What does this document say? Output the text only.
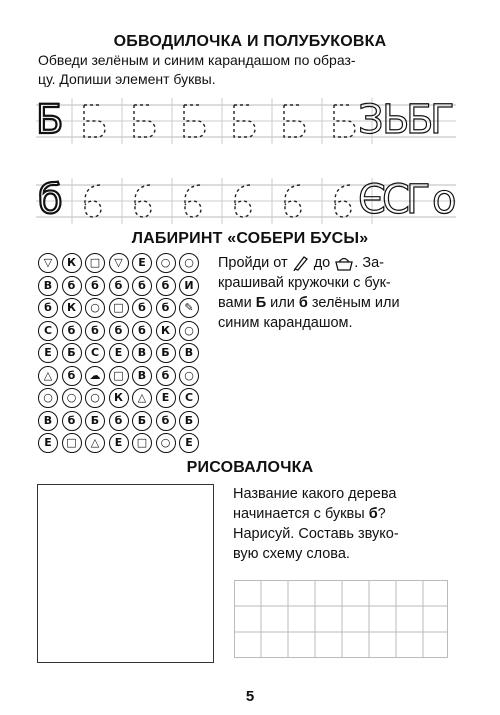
ОБВОДИЛОЧКА И ПОЛУБУКОВКА
Обведи зелёным и синим карандашом по образ-
цу. Допиши элемент буквы.
Б	З
Ь
Б
Г
б	Є
С
Г о
ЛАБИРИНТ «СОБЕРИ БУСЫ»
▽	К	□	▽	Е	○	○
В	б	б	б	б	б	И
б	К	○	□	б	б	✎
С	б	б	б	б	К	○
Е	Б	С	Е	В	Б	В
△	б	☁	□	В	б	○
○	○	○	К	△	Е	С
В	б	Б	б	Б	б	Б
Е	□	△	Е	□	○	Е
Пройди от до . За-
крашивай кружочки с бук-
вами Б или б зелёным или
синим карандашом.
РИСОВАЛОЧКА
Название какого дерева
начинается с буквы б?
Нарисуй. Составь звуко-
вую схему слова.
5
